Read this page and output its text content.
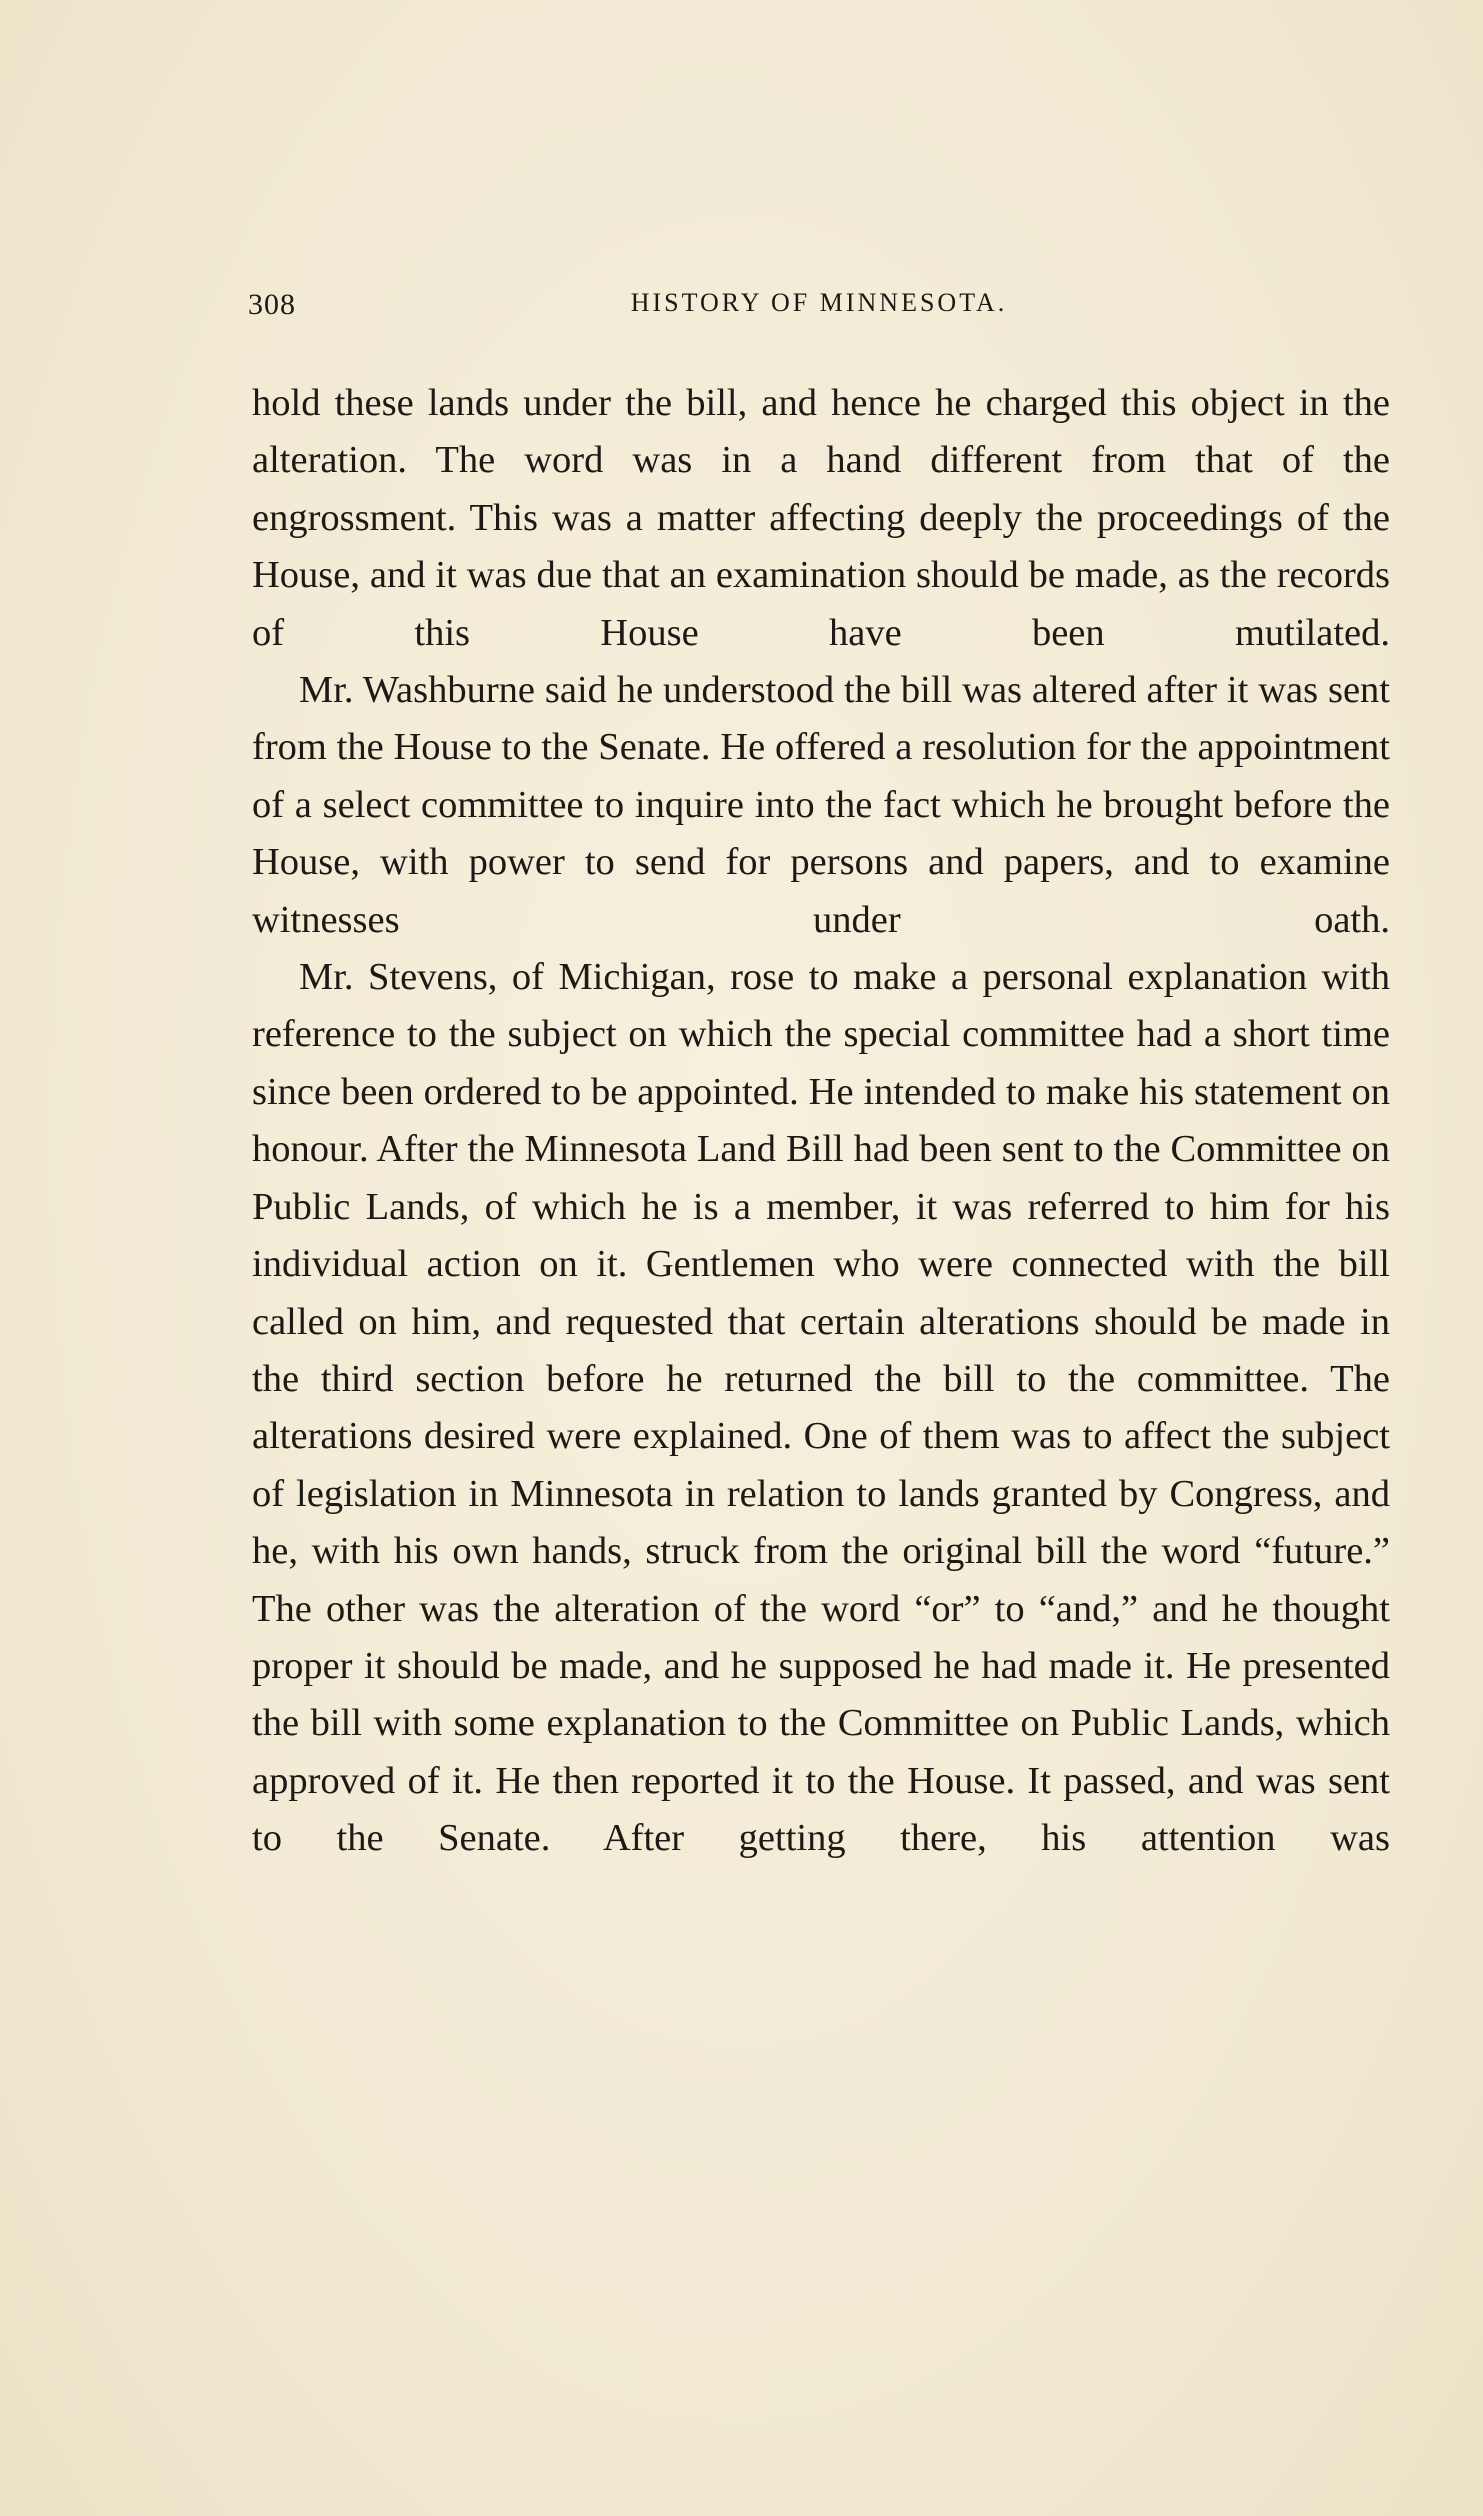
308	HISTORY OF MINNESOTA.

hold these lands under the bill, and hence he charged this object in the alteration. The word was in a hand different from that of the engrossment. This was a matter affecting deeply the proceedings of the House, and it was due that an examination should be made, as the records of this House have been mutilated.

Mr. Washburne said he understood the bill was altered after it was sent from the House to the Senate. He offered a resolution for the appointment of a select committee to inquire into the fact which he brought before the House, with power to send for persons and papers, and to examine witnesses under oath.

Mr. Stevens, of Michigan, rose to make a personal explanation with reference to the subject on which the special committee had a short time since been ordered to be appointed. He intended to make his statement on honour. After the Minnesota Land Bill had been sent to the Committee on Public Lands, of which he is a member, it was referred to him for his individual action on it. Gentlemen who were connected with the bill called on him, and requested that certain alterations should be made in the third section before he returned the bill to the committee. The alterations desired were explained. One of them was to affect the subject of legislation in Minnesota in relation to lands granted by Congress, and he, with his own hands, struck from the original bill the word “future.” The other was the alteration of the word “or” to “and,” and he thought proper it should be made, and he supposed he had made it. He presented the bill with some explanation to the Committee on Public Lands, which approved of it. He then reported it to the House. It passed, and was sent to the Senate. After getting there, his attention was
